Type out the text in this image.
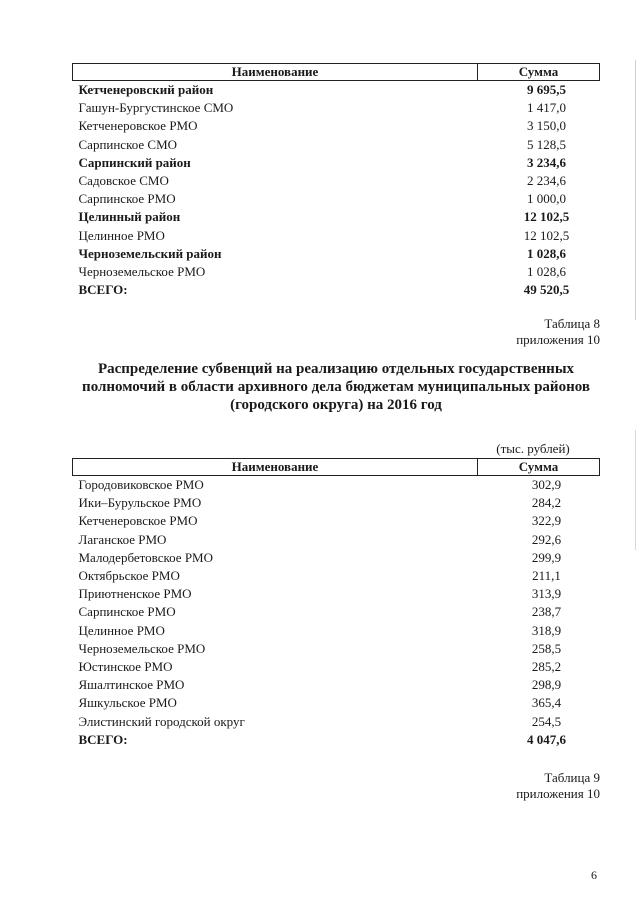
Наименование	Сумма
Кетченеровский район	9 695,5
Гашун-Бургустинское СМО	1 417,0
Кетченеровское РМО	3 150,0
Сарпинское СМО	5 128,5
Сарпинский район	3 234,6
Садовское СМО	2 234,6
Сарпинское РМО	1 000,0
Целинный район	12 102,5
Целинное РМО	12 102,5
Черноземельский район	1 028,6
Черноземельское РМО	1 028,6
ВСЕГО:	49 520,5
Таблица 8
приложения 10
Распределение субвенций на реализацию отдельных государственных
полномочий в области архивного дела бюджетам муниципальных районов
(городского округа) на 2016 год
(тыс. рублей)
Наименование	Сумма
Городовиковское РМО	302,9
Ики–Бурульское РМО	284,2
Кетченеровское РМО	322,9
Лаганское РМО	292,6
Малодербетовское РМО	299,9
Октябрьское РМО	211,1
Приютненское РМО	313,9
Сарпинское РМО	238,7
Целинное РМО	318,9
Черноземельское РМО	258,5
Юстинское РМО	285,2
Яшалтинское РМО	298,9
Яшкульское РМО	365,4
Элистинский городской округ	254,5
ВСЕГО:	4 047,6
Таблица 9
приложения 10
6
